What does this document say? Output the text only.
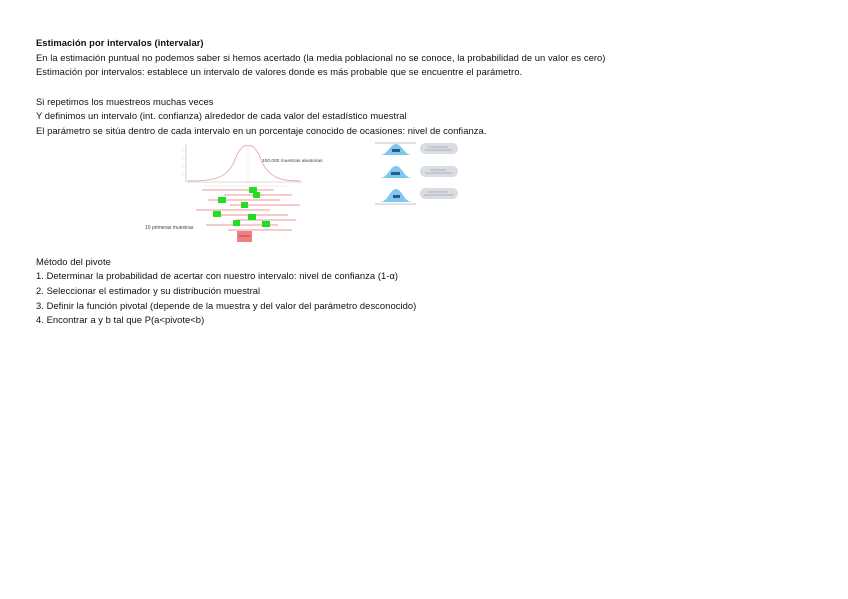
Estimación por intervalos (intervalar)
En la estimación puntual no podemos saber si hemos acertado (la media poblacional no se conoce, la probabilidad de un valor es cero)
Estimación por intervalos: establece un intervalo de valores donde es más probable que se encuentre el parámetro.
Si repetimos los muestreos muchas veces
Y definimos un intervalo (int. confianza) alrededor de cada valor del estadístico muestral
El parámetro se sitúa dentro de cada intervalo en un porcentaje conocido de ocasiones: nivel de confianza.
100.000 muestras aleatorias
10 primeras muestras
Método del pivote
1. Determinar la probabilidad de acertar con nuestro intervalo: nivel de confianza (1-α)
2. Seleccionar el estimador y su distribución muestral
3. Definir la función pivotal (depende de la muestra y del valor del parámetro desconocido)
4. Encontrar a y b tal que P(a<pivote<b)
